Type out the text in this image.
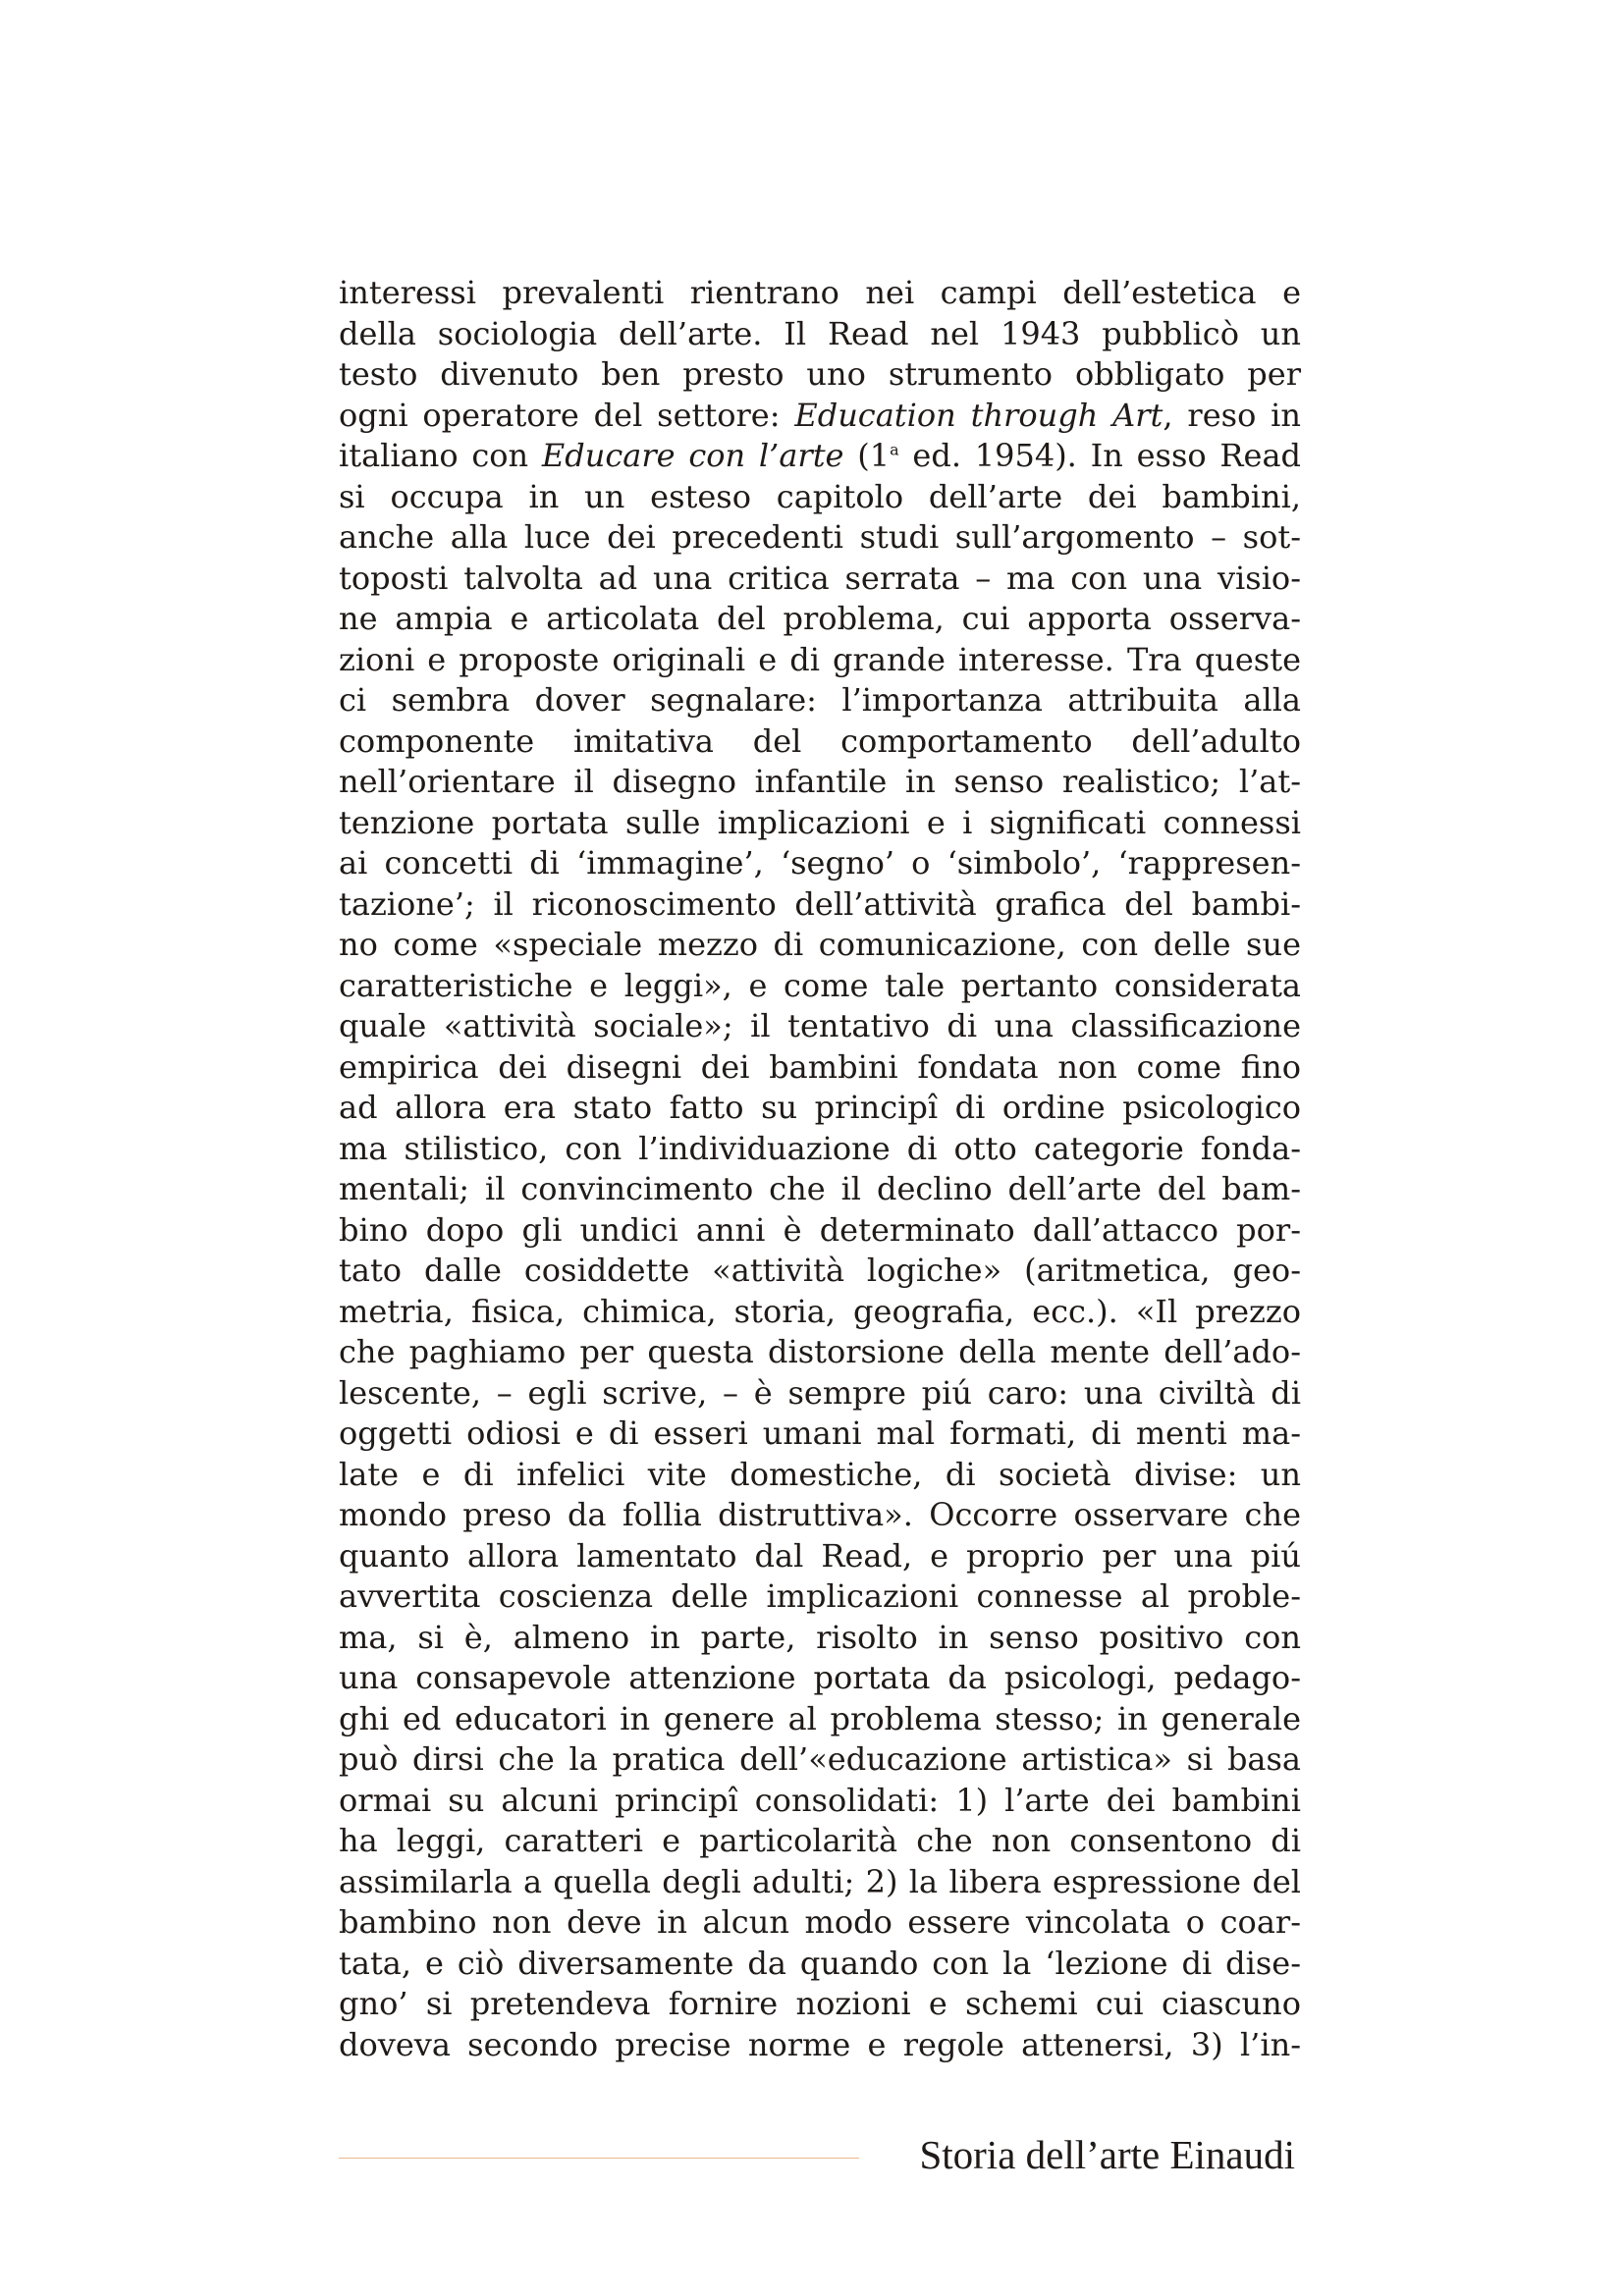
interessi prevalenti rientrano nei campi dell’estetica e
della sociologia dell’arte. Il Read nel 1943 pubblicò un
testo divenuto ben presto uno strumento obbligato per
ogni operatore del settore: Education through Art, reso in
italiano con Educare con l’arte (1$^a$ ed. 1954). In esso Read
si occupa in un esteso capitolo dell’arte dei bambini,
anche alla luce dei precedenti studi sull’argomento – sot-
toposti talvolta ad una critica serrata – ma con una visio-
ne ampia e articolata del problema, cui apporta osserva-
zioni e proposte originali e di grande interesse. Tra queste
ci sembra dover segnalare: l’importanza attribuita alla
componente imitativa del comportamento dell’adulto
nell’orientare il disegno infantile in senso realistico; l’at-
tenzione portata sulle implicazioni e i significati connessi
ai concetti di ‘immagine’, ‘segno’ o ‘simbolo’, ‘rappresen-
tazione’; il riconoscimento dell’attività grafica del bambi-
no come «speciale mezzo di comunicazione, con delle sue
caratteristiche e leggi», e come tale pertanto considerata
quale «attività sociale»; il tentativo di una classificazione
empirica dei disegni dei bambini fondata non come fino
ad allora era stato fatto su principî di ordine psicologico
ma stilistico, con l’individuazione di otto categorie fonda-
mentali; il convincimento che il declino dell’arte del bam-
bino dopo gli undici anni è determinato dall’attacco por-
tato dalle cosiddette «attività logiche» (aritmetica, geo-
metria, fisica, chimica, storia, geografia, ecc.). «Il prezzo
che paghiamo per questa distorsione della mente dell’ado-
lescente, – egli scrive, – è sempre piú caro: una civiltà di
oggetti odiosi e di esseri umani mal formati, di menti ma-
late e di infelici vite domestiche, di società divise: un
mondo preso da follia distruttiva». Occorre osservare che
quanto allora lamentato dal Read, e proprio per una piú
avvertita coscienza delle implicazioni connesse al proble-
ma, si è, almeno in parte, risolto in senso positivo con
una consapevole attenzione portata da psicologi, pedago-
ghi ed educatori in genere al problema stesso; in generale
può dirsi che la pratica dell’«educazione artistica» si basa
ormai su alcuni principî consolidati: 1) l’arte dei bambini
ha leggi, caratteri e particolarità che non consentono di
assimilarla a quella degli adulti; 2) la libera espressione del
bambino non deve in alcun modo essere vincolata o coar-
tata, e ciò diversamente da quando con la ‘lezione di dise-
gno’ si pretendeva fornire nozioni e schemi cui ciascuno
doveva secondo precise norme e regole attenersi, 3) l’in-
Storia dell’arte Einaudi
